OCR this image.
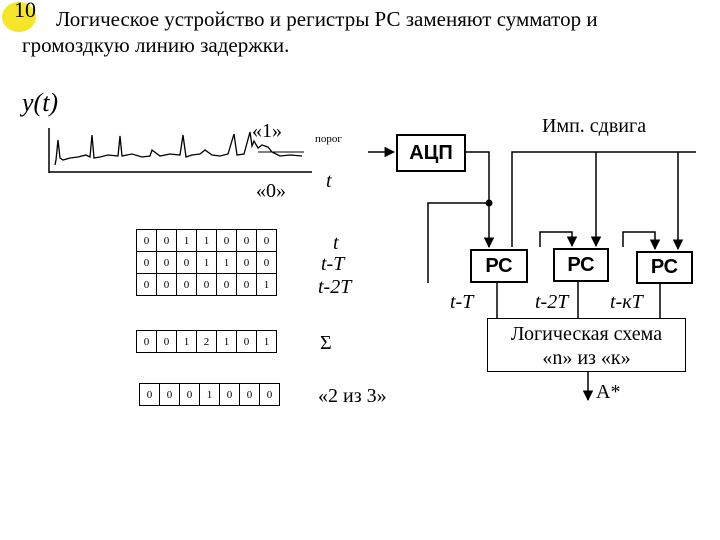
10 Логическое устройство и регистры РС заменяют сумматор и громоздкую линию задержки.
y(t)
«1»	порог
«0» t
0	0	1	1	0	0	0
0	0	0	1	1	0	0
0	0	0	0	0	0	1
t
t-T
t-2T
0	0	1	2	1	0	1	Σ
0	0	0	1	0	0	0 «2 из 3»
АЦП
Имп. сдвига
РС	РС	РС
t-T	t-2T t-кT
Логическая схема
«n» из «к»
A*
